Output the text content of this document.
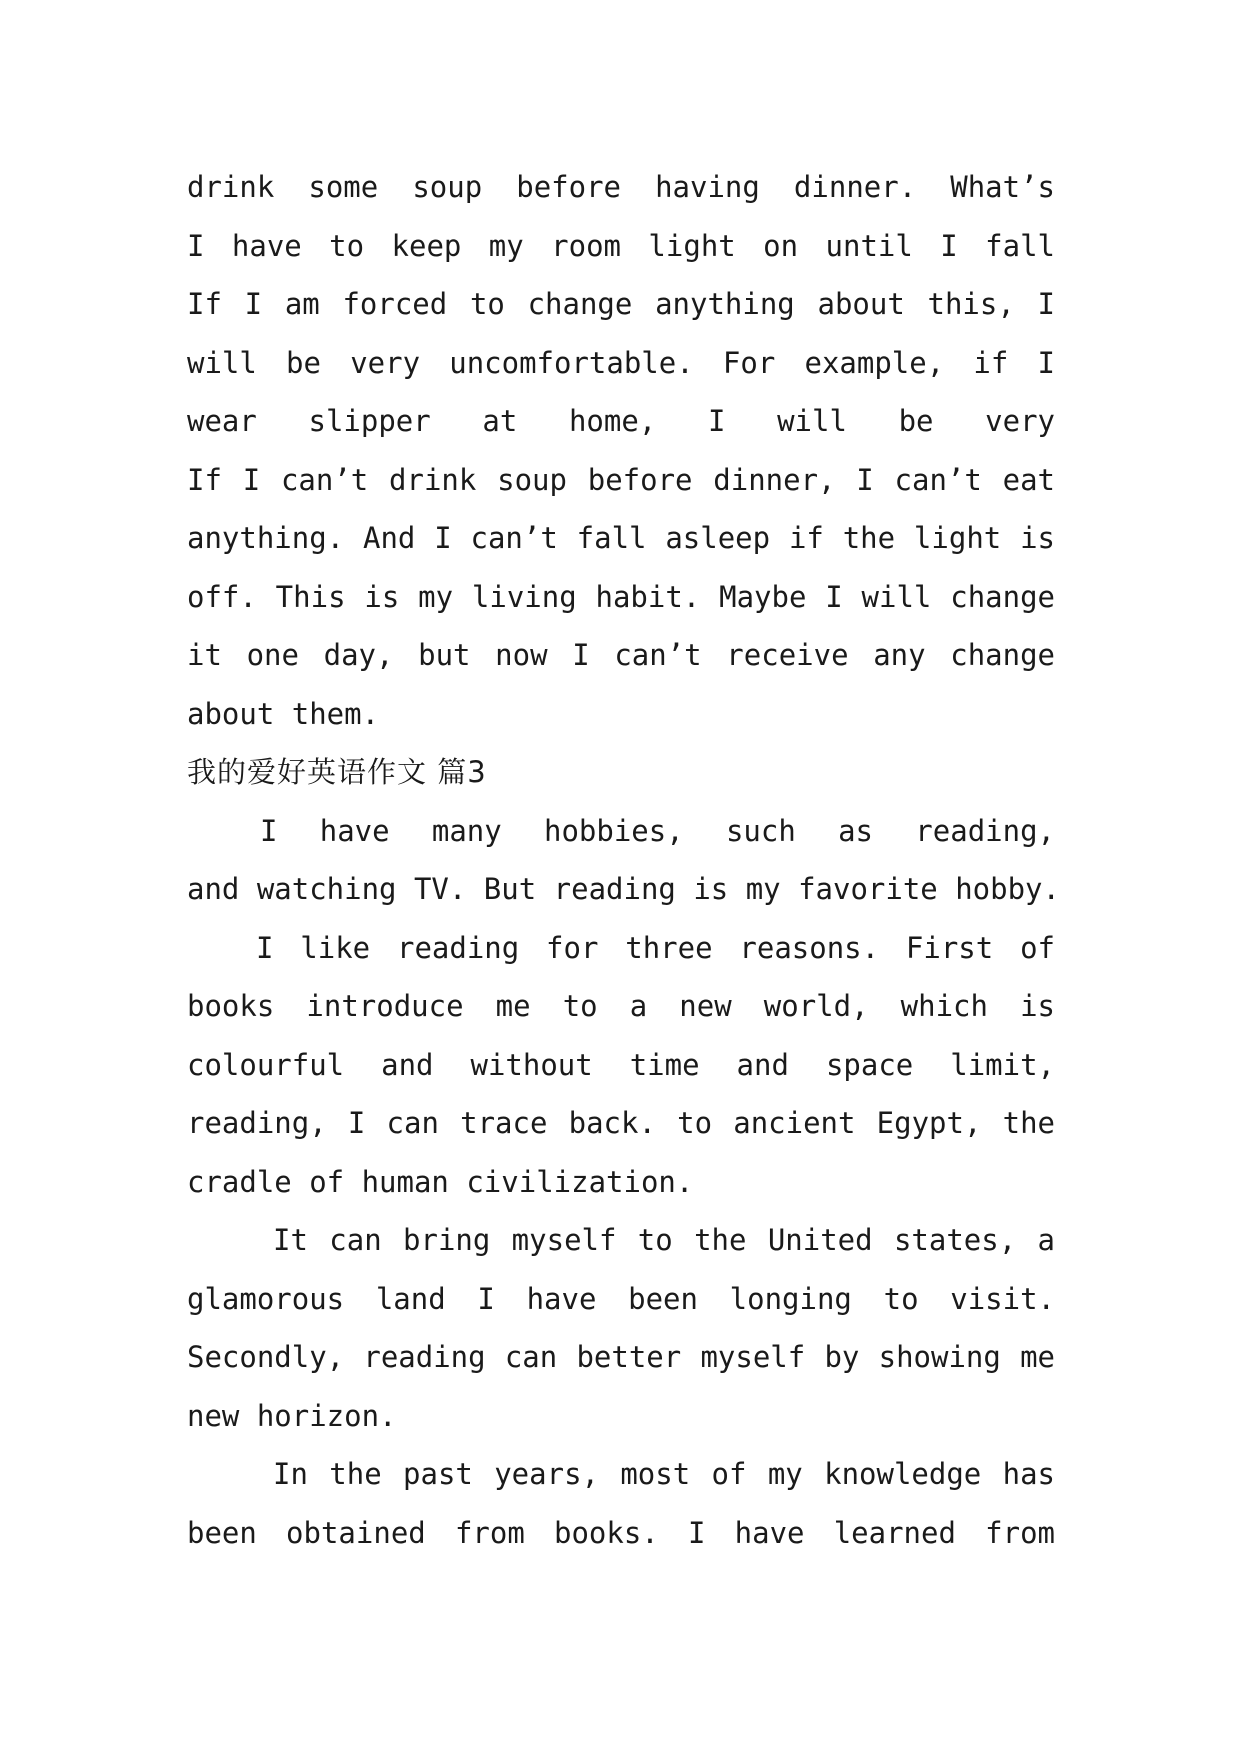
drink some soup before having dinner. What’s
I have to keep my room light on until I fall
If I am forced to change anything about this, I
will be very uncomfortable. For example, if I
wear slipper at home, I will be very
If I can’t drink soup before dinner, I can’t eat
anything. And I can’t fall asleep if the light is
off. This is my living habit. Maybe I will change
it one day, but now I can’t receive any change
about them.
我的爱好英语作文 篇3
I have many hobbies, such as reading,
and watching TV. But reading is my favorite hobby.
I like reading for three reasons. First of
books introduce me to a new world, which is
colourful and without time and space limit,
reading, I can trace back. to ancient Egypt, the
cradle of human civilization.
It can bring myself to the United states, a
glamorous land I have been longing to visit.
Secondly, reading can better myself by showing me
new horizon.
In the past years, most of my knowledge has
been obtained from books. I have learned from
